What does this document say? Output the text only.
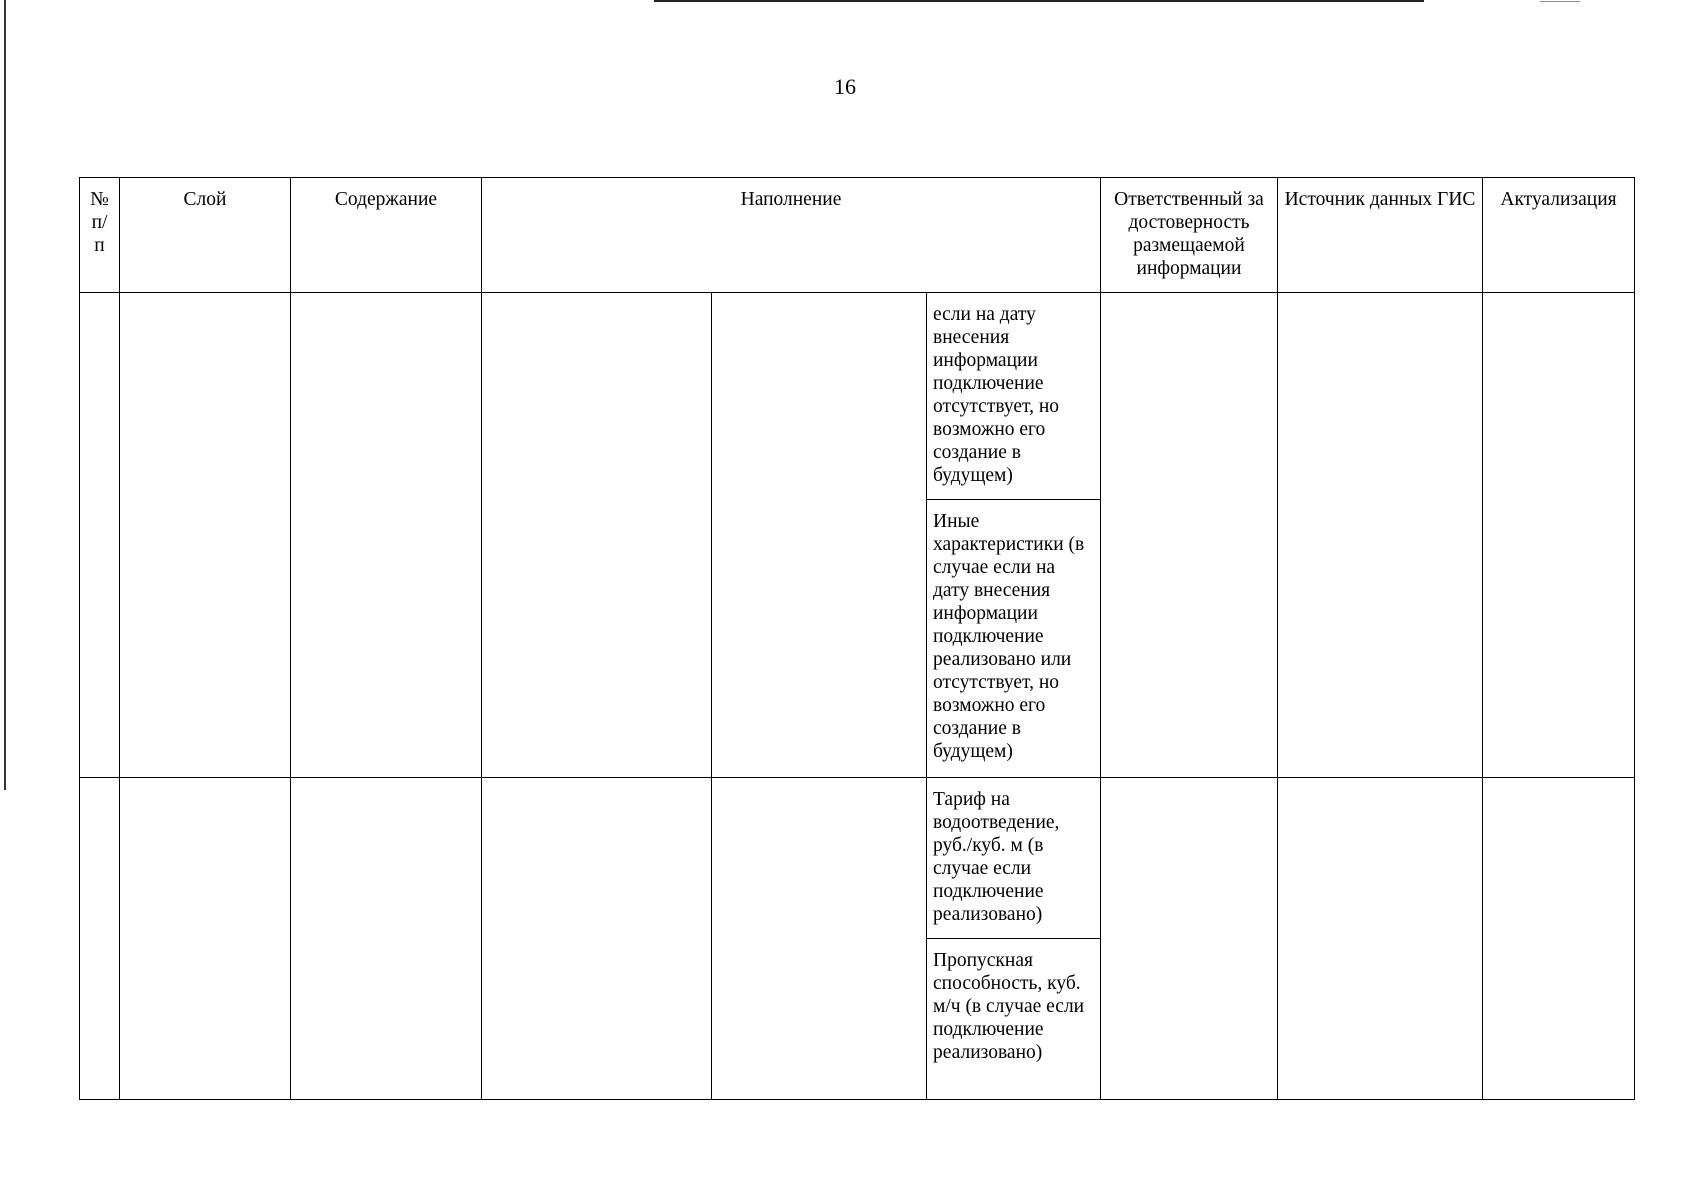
16
№ п/ п	Слой	Содержание	Наполнение			Ответственный за достоверность размещаемой информации	Источник данных ГИС	Актуализация
					если на дату внесения информации подключение отсутствует, но возможно его создание в будущем)			
					Иные характеристики (в случае если на дату внесения информации подключение реализовано или отсутствует, но возможно его создание в будущем)			
					Тариф на водоотведение, руб./куб. м (в случае если подключение реализовано)			
					Пропускная способность, куб. м/ч (в случае если подключение реализовано)			
